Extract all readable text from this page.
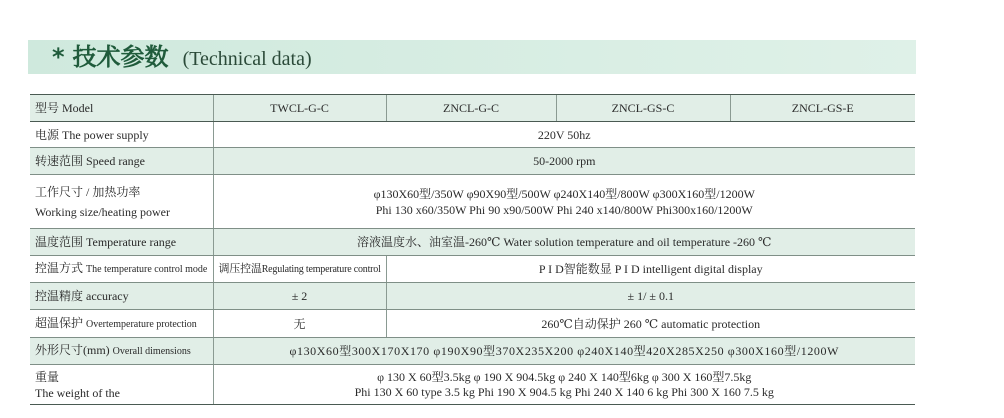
* 技术参数 (Technical data)
型号 Model	TWCL-G-C	ZNCL-G-C	ZNCL-GS-C	ZNCL-GS-E
电源 The power supply	220V 50hz			
转速范围 Speed range	50-2000 rpm			

工作尺寸 / 加热功率
Working size/heating power	φ130X60型/350W φ90X90型/500W φ240X140型/800W φ300X160型/1200W
Phi 130 x60/350W Phi 90 x90/500W Phi 240 x140/800W Phi300x160/1200W			

温度范围 Temperature range	溶液温度水、油室温-260℃ Water solution temperature and oil temperature -260 ℃			
控温方式 The temperature control mode	调压控温Regulating temperature control	P I D智能数显 P I D intelligent digital display		
控温精度 accuracy	± 2	± 1/ ± 0.1		
超温保护 Overtemperature protection	无	260℃自动保护 260 ℃ automatic protection		
外形尺寸(mm) Overall dimensions	φ130X60型300X170X170 φ190X90型370X235X200 φ240X140型420X285X250 φ300X160型/1200W			

重量
The weight of the	φ 130 X 60型3.5kg φ 190 X 904.5kg φ 240 X 140型6kg φ 300 X 160型7.5kg
Phi 130 X 60 type 3.5 kg Phi 190 X 904.5 kg Phi 240 X 140 6 kg Phi 300 X 160 7.5 kg			
